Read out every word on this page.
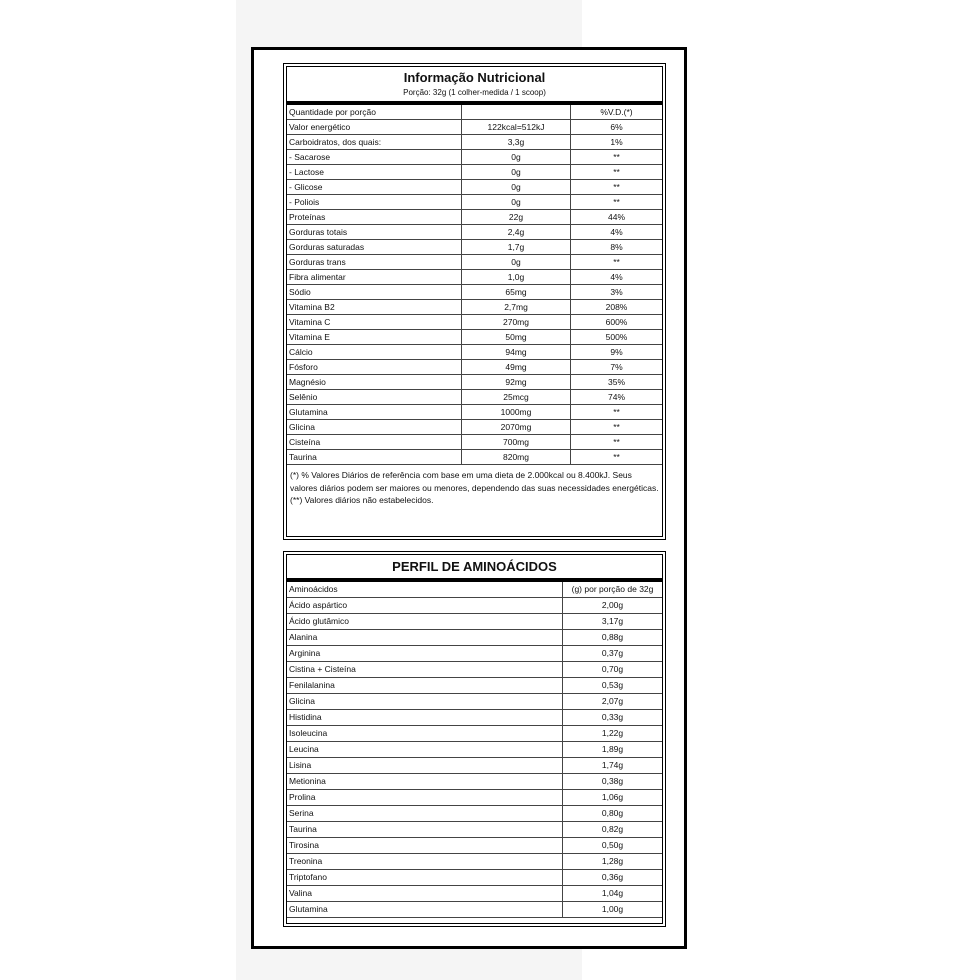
Informação Nutricional
Porção: 32g (1 colher-medida / 1 scoop)
Quantidade por porção		%V.D.(*)
Valor energético	122kcal=512kJ	6%
Carboidratos, dos quais:	3,3g	1%
- Sacarose	0g	**
- Lactose	0g	**
- Glicose	0g	**
- Poliois	0g	**
Proteínas	22g	44%
Gorduras totais	2,4g	4%
Gorduras saturadas	1,7g	8%
Gorduras trans	0g	**
Fibra alimentar	1,0g	4%
Sódio	65mg	3%
Vitamina B2	2,7mg	208%
Vitamina C	270mg	600%
Vitamina E	50mg	500%
Cálcio	94mg	9%
Fósforo	49mg	7%
Magnésio	92mg	35%
Selênio	25mcg	74%
Glutamina	1000mg	**
Glicina	2070mg	**
Cisteína	700mg	**
Taurina	820mg	**
(*) % Valores Diários de referência com base em uma dieta de 2.000kcal ou 8.400kJ. Seus valores diários podem ser maiores ou menores, dependendo das suas necessidades energéticas. (**) Valores diários não estabelecidos.
PERFIL DE AMINOÁCIDOS
Aminoácidos	(g) por porção de 32g
Ácido aspártico	2,00g
Ácido glutâmico	3,17g
Alanina	0,88g
Arginina	0,37g
Cistina + Cisteína	0,70g
Fenilalanina	0,53g
Glicina	2,07g
Histidina	0,33g
Isoleucina	1,22g
Leucina	1,89g
Lisina	1,74g
Metionina	0,38g
Prolina	1,06g
Serina	0,80g
Taurina	0,82g
Tirosina	0,50g
Treonina	1,28g
Triptofano	0,36g
Valina	1,04g
Glutamina	1,00g
